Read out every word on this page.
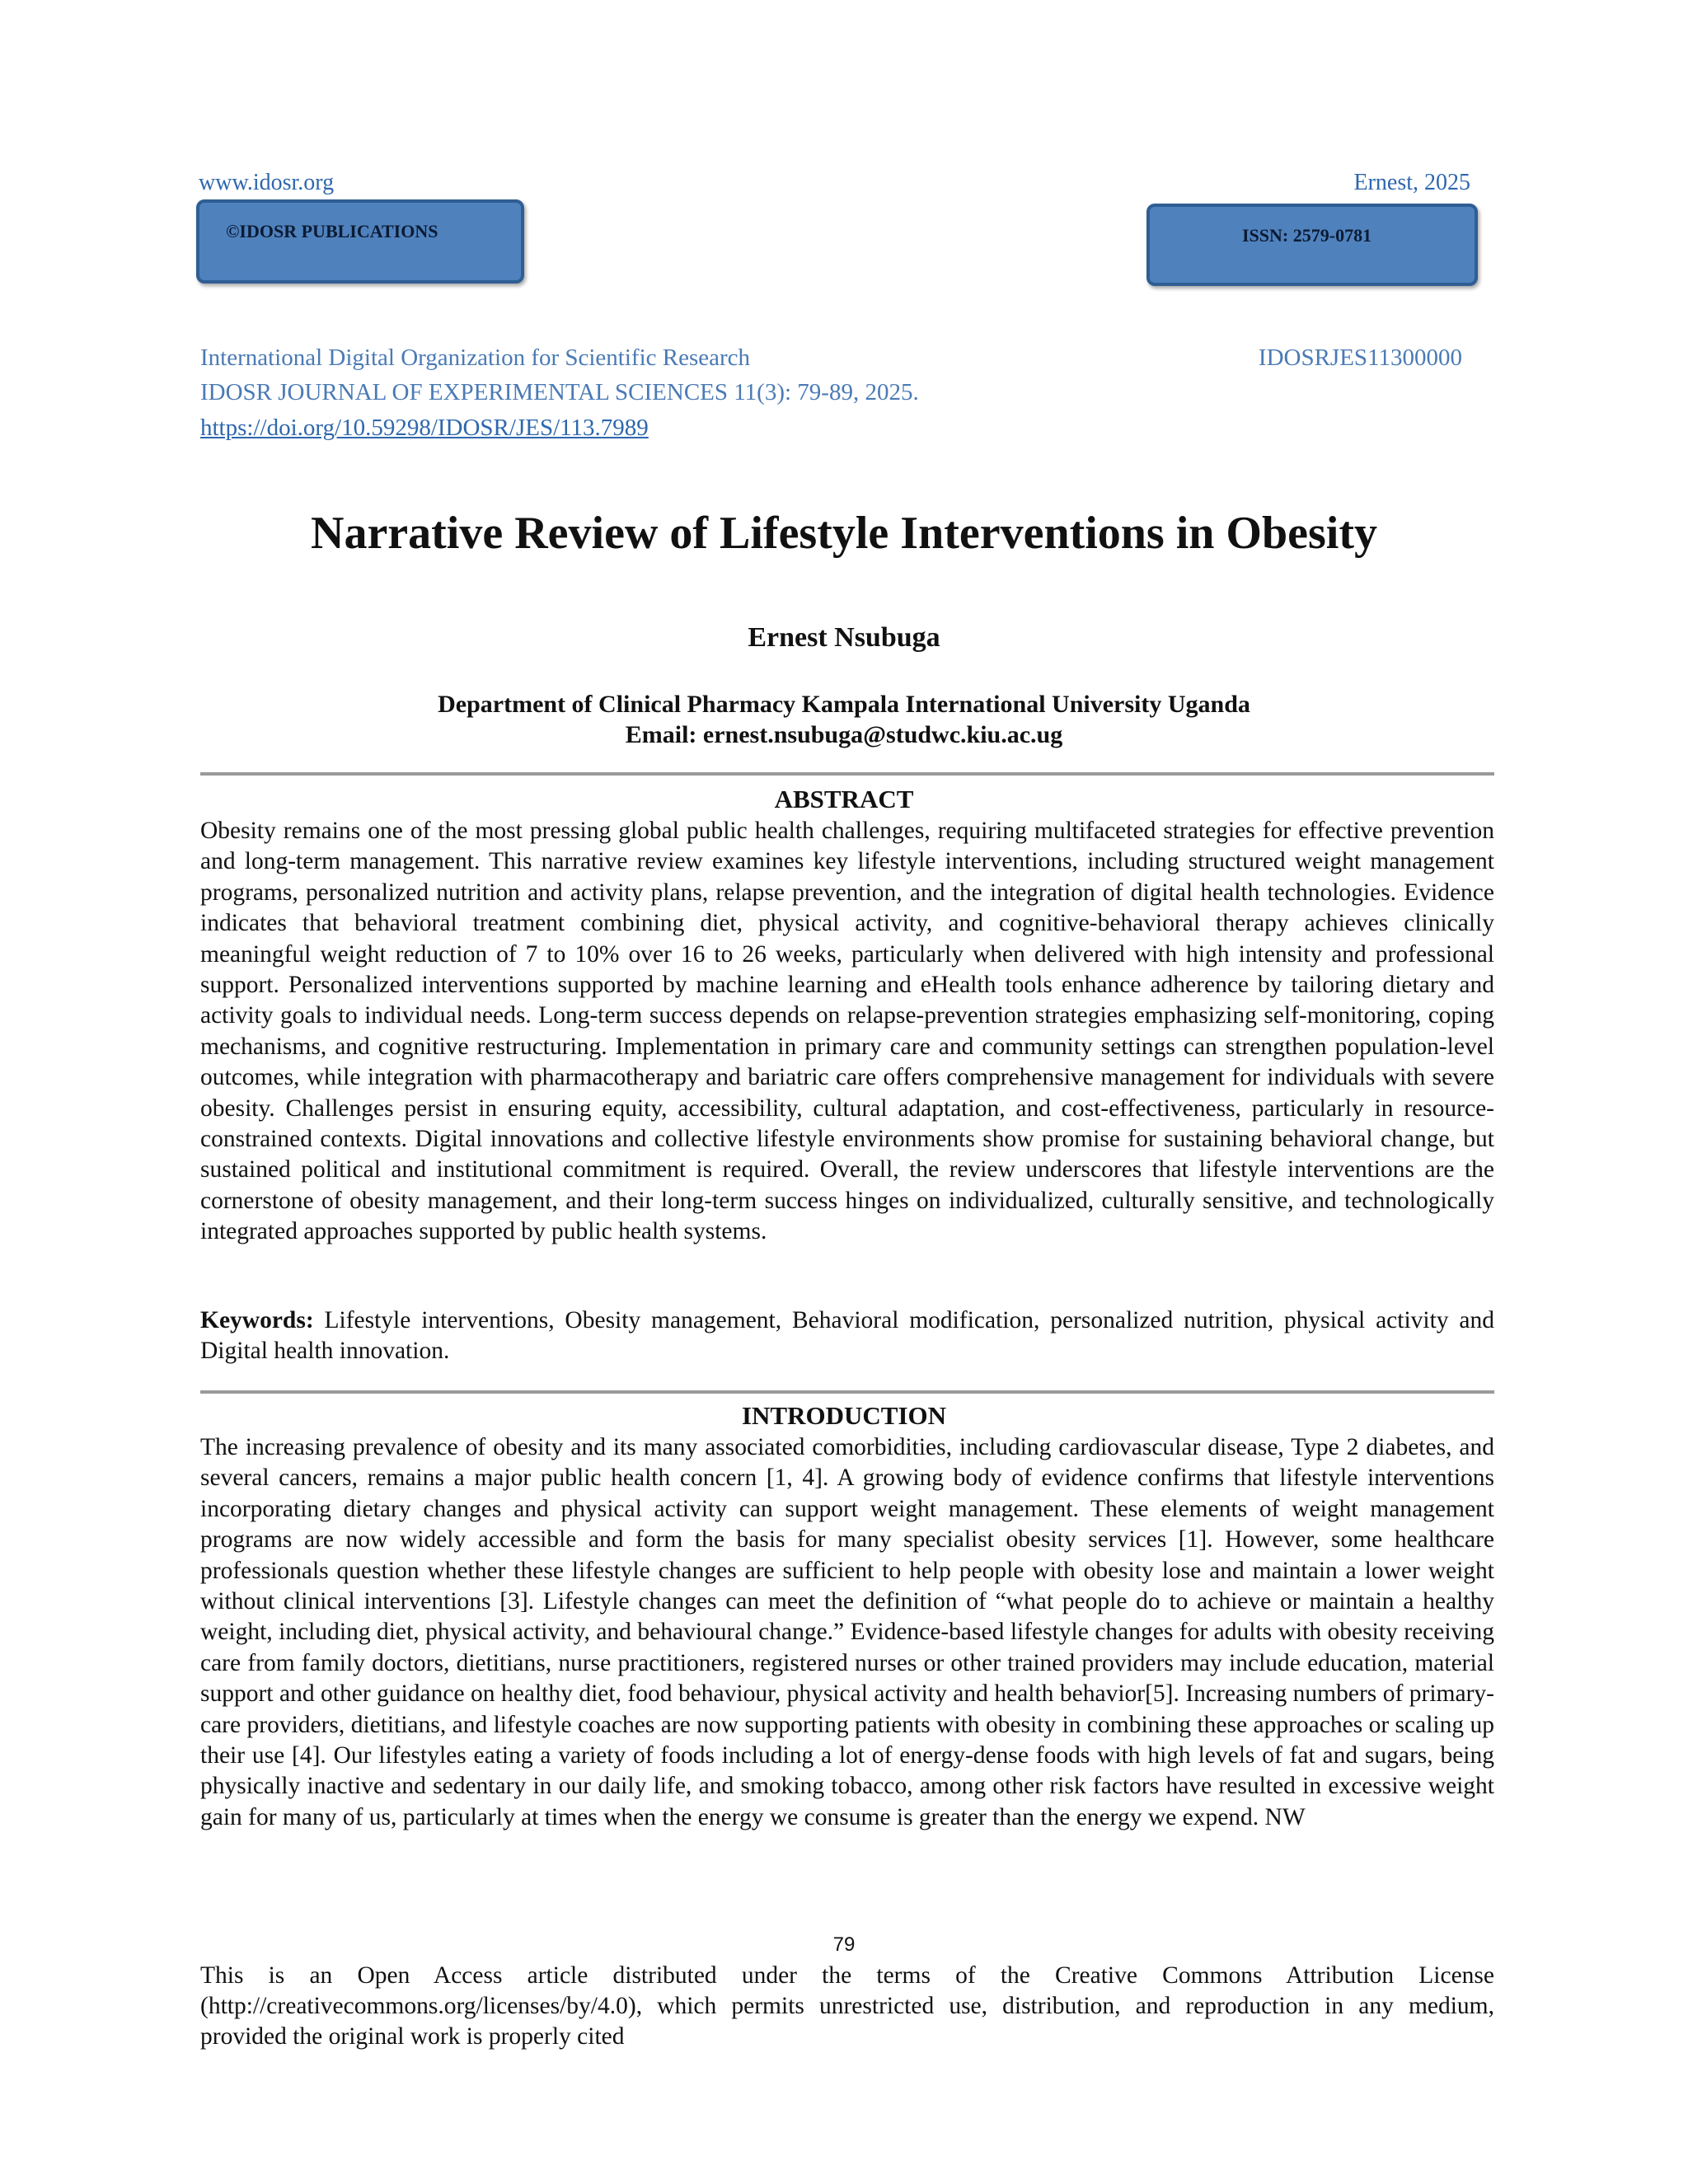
www.idosr.org	Ernest, 2025
©IDOSR PUBLICATIONS	ISSN: 2579-0781
International Digital Organization for Scientific Research	IDOSRJES11300000
IDOSR JOURNAL OF EXPERIMENTAL SCIENCES 11(3): 79-89, 2025.
https://doi.org/10.59298/IDOSR/JES/113.7989
Narrative Review of Lifestyle Interventions in Obesity
Ernest Nsubuga
Department of Clinical Pharmacy Kampala International University Uganda
Email: ernest.nsubuga@studwc.kiu.ac.ug
ABSTRACT
Obesity remains one of the most pressing global public health challenges, requiring multifaceted strategies for effective prevention and long-term management. This narrative review examines key lifestyle interventions, including structured weight management programs, personalized nutrition and activity plans, relapse prevention, and the integration of digital health technologies. Evidence indicates that behavioral treatment combining diet, physical activity, and cognitive-behavioral therapy achieves clinically meaningful weight reduction of 7 to 10% over 16 to 26 weeks, particularly when delivered with high intensity and professional support. Personalized interventions supported by machine learning and eHealth tools enhance adherence by tailoring dietary and activity goals to individual needs. Long-term success depends on relapse-prevention strategies emphasizing self-monitoring, coping mechanisms, and cognitive restructuring. Implementation in primary care and community settings can strengthen population-level outcomes, while integration with pharmacotherapy and bariatric care offers comprehensive management for individuals with severe obesity. Challenges persist in ensuring equity, accessibility, cultural adaptation, and cost-effectiveness, particularly in resource-constrained contexts. Digital innovations and collective lifestyle environments show promise for sustaining behavioral change, but sustained political and institutional commitment is required. Overall, the review underscores that lifestyle interventions are the cornerstone of obesity management, and their long-term success hinges on individualized, culturally sensitive, and technologically integrated approaches supported by public health systems.
Keywords: Lifestyle interventions, Obesity management, Behavioral modification, personalized nutrition, physical activity and Digital health innovation.
INTRODUCTION
The increasing prevalence of obesity and its many associated comorbidities, including cardiovascular disease, Type 2 diabetes, and several cancers, remains a major public health concern [1, 4]. A growing body of evidence confirms that lifestyle interventions incorporating dietary changes and physical activity can support weight management. These elements of weight management programs are now widely accessible and form the basis for many specialist obesity services [1]. However, some healthcare professionals question whether these lifestyle changes are sufficient to help people with obesity lose and maintain a lower weight without clinical interventions [3]. Lifestyle changes can meet the definition of “what people do to achieve or maintain a healthy weight, including diet, physical activity, and behavioural change.” Evidence-based lifestyle changes for adults with obesity receiving care from family doctors, dietitians, nurse practitioners, registered nurses or other trained providers may include education, material support and other guidance on healthy diet, food behaviour, physical activity and health behavior[5]. Increasing numbers of primary-care providers, dietitians, and lifestyle coaches are now supporting patients with obesity in combining these approaches or scaling up their use [4]. Our lifestyles eating a variety of foods including a lot of energy-dense foods with high levels of fat and sugars, being physically inactive and sedentary in our daily life, and smoking tobacco, among other risk factors have resulted in excessive weight gain for many of us, particularly at times when the energy we consume is greater than the energy we expend. NW
79
This is an Open Access article distributed under the terms of the Creative Commons Attribution License (http://creativecommons.org/licenses/by/4.0), which permits unrestricted use, distribution, and reproduction in any medium, provided the original work is properly cited
